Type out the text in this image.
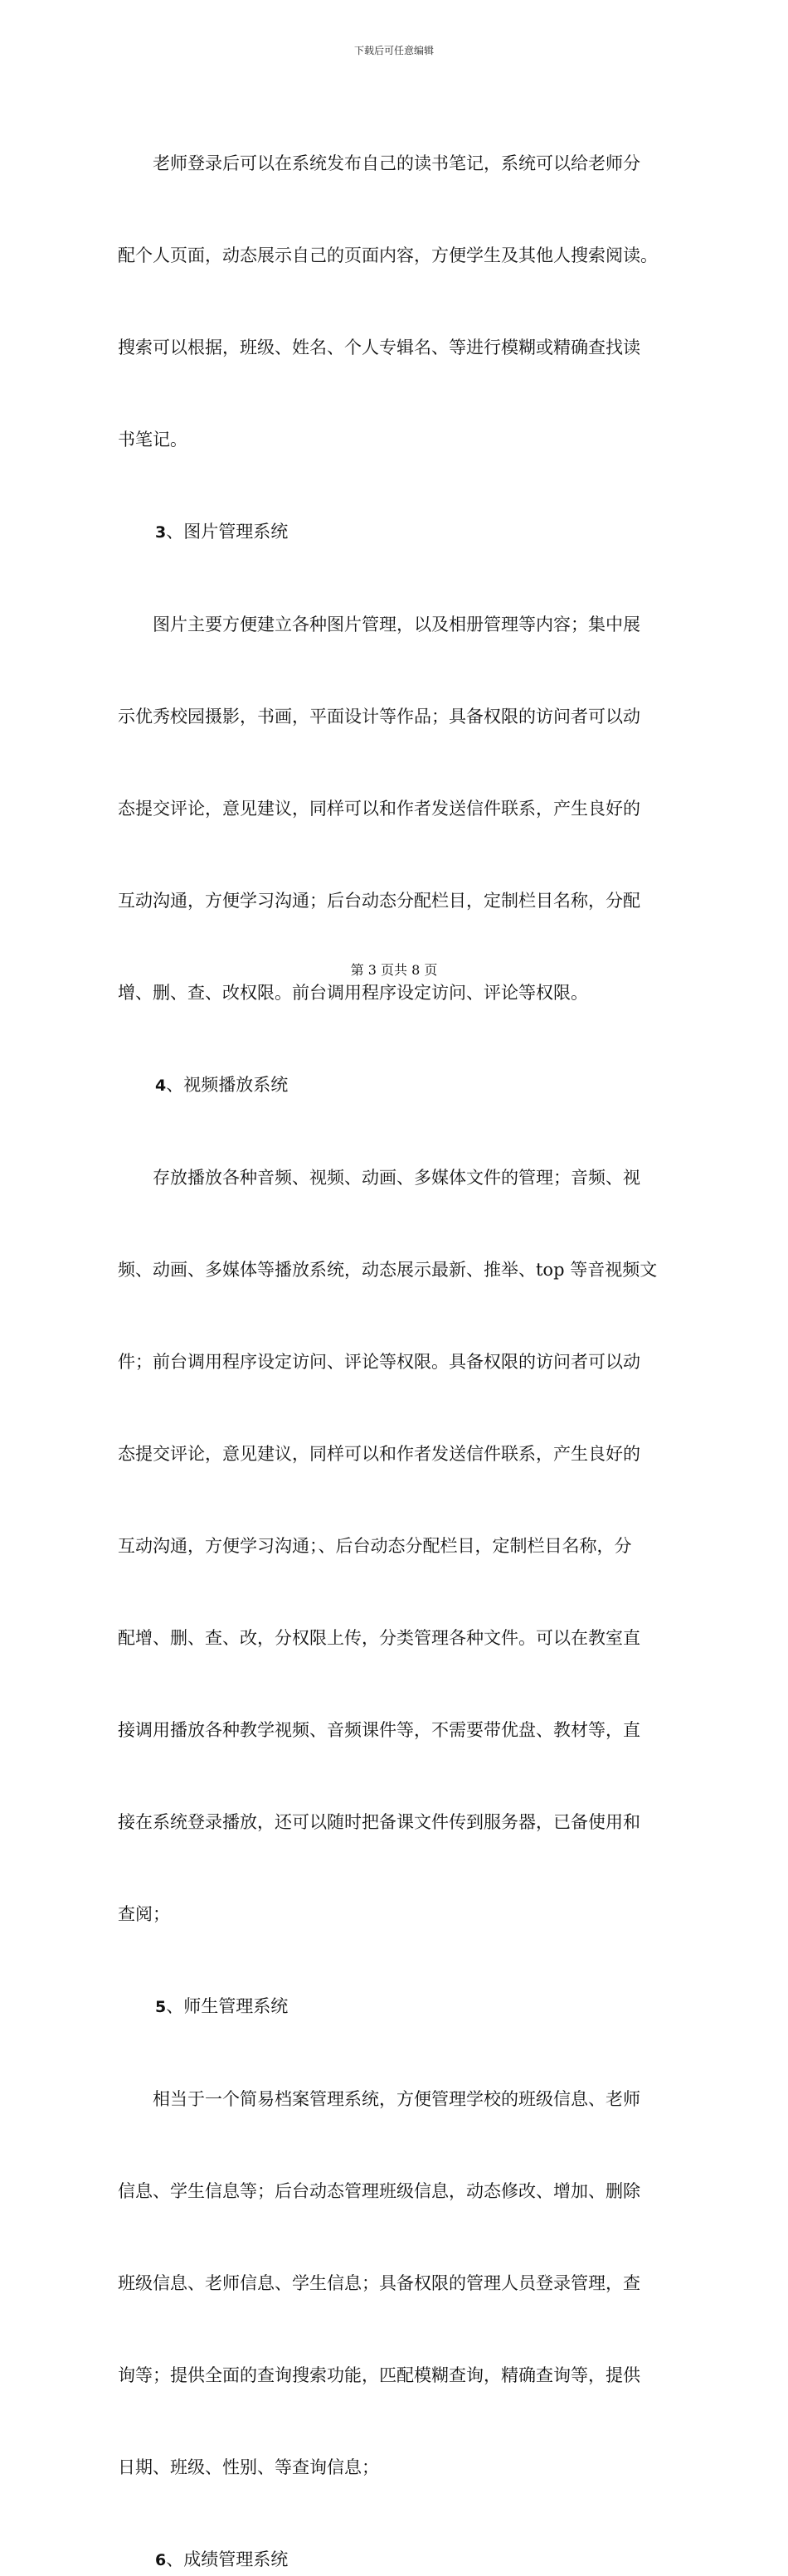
下载后可任意编辑

　　老师登录后可以在系统发布自己的读书笔记，系统可以给老师分

配个人页面，动态展示自己的页面内容，方便学生及其他人搜索阅读。

搜索可以根据，班级、姓名、个人专辑名、等进行模糊或精确查找读

书笔记。

3、图片管理系统

　　图片主要方便建立各种图片管理，以及相册管理等内容；集中展

示优秀校园摄影，书画，平面设计等作品；具备权限的访问者可以动

态提交评论，意见建议，同样可以和作者发送信件联系，产生良好的

互动沟通，方便学习沟通；后台动态分配栏目，定制栏目名称，分配

增、删、查、改权限。前台调用程序设定访问、评论等权限。

4、视频播放系统

　　存放播放各种音频、视频、动画、多媒体文件的管理；音频、视

频、动画、多媒体等播放系统，动态展示最新、推举、top 等音视频文

件；前台调用程序设定访问、评论等权限。具备权限的访问者可以动

态提交评论，意见建议，同样可以和作者发送信件联系，产生良好的

互动沟通，方便学习沟通；、后台动态分配栏目，定制栏目名称，分

配增、删、查、改，分权限上传，分类管理各种文件。可以在教室直

接调用播放各种教学视频、音频课件等，不需要带优盘、教材等，直

接在系统登录播放，还可以随时把备课文件传到服务器，已备使用和

查阅；

5、师生管理系统

　　相当于一个简易档案管理系统，方便管理学校的班级信息、老师

信息、学生信息等；后台动态管理班级信息，动态修改、增加、删除

班级信息、老师信息、学生信息；具备权限的管理人员登录管理，查

询等；提供全面的查询搜索功能，匹配模糊查询，精确查询等，提供

日期、班级、性别、等查询信息；

6、成绩管理系统

第 3 页共 8 页
